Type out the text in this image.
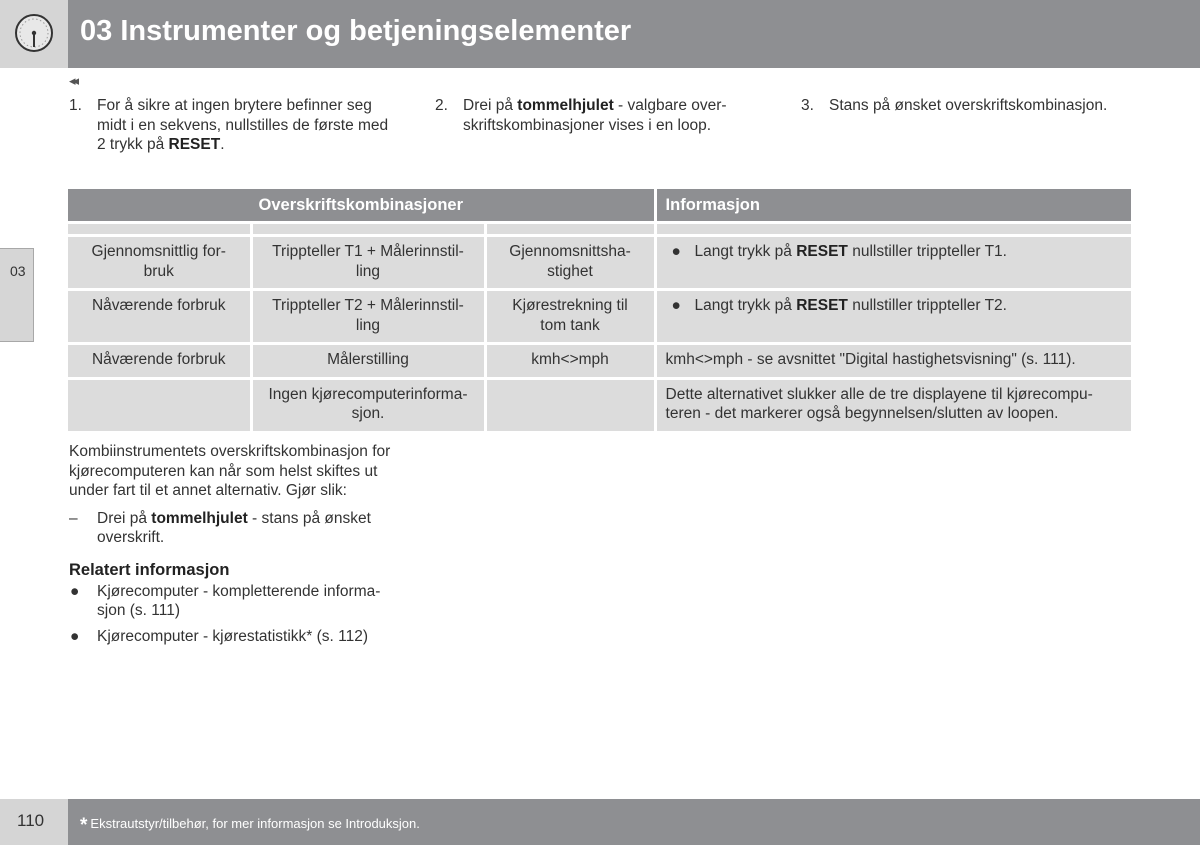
03 Instrumenter og betjeningselementer
03
◂◂
1. For å sikre at ingen brytere befinner seg midt i en sekvens, nullstilles de første med 2 trykk på RESET.
2. Drei på tommelhjulet - valgbare over- skriftskombinasjoner vises i en loop.
3. Stans på ønsket overskriftskombinasjon.
Overskriftskombinasjoner			Informasjon

Gjennomsnittlig for- bruk	Trippteller T1 + Målerinnstil- ling	Gjennomsnittsha- stighet	● Langt trykk på RESET nullstiller trippteller T1.

Nåværende forbruk	Trippteller T2 + Målerinnstil- ling	Kjørestrekning til tom tank	● Langt trykk på RESET nullstiller trippteller T2.

Nåværende forbruk	Målerstilling	kmh<>mph	kmh<>mph - se avsnittet "Digital hastighetsvisning" (s. 111).
	Ingen kjørecomputerinforma- sjon.		Dette alternativet slukker alle de tre displayene til kjørecompu- teren - det markerer også begynnelsen/slutten av loopen.
Kombiinstrumentets overskriftskombinasjon for kjørecomputeren kan når som helst skiftes ut under fart til et annet alternativ. Gjør slik:
– Drei på tommelhjulet - stans på ønsket overskrift.
Relatert informasjon
● Kjørecomputer - kompletterende informa- sjon (s. 111)
● Kjørecomputer - kjørestatistikk* (s. 112)
110 * Ekstrautstyr/tilbehør, for mer informasjon se Introduksjon.
